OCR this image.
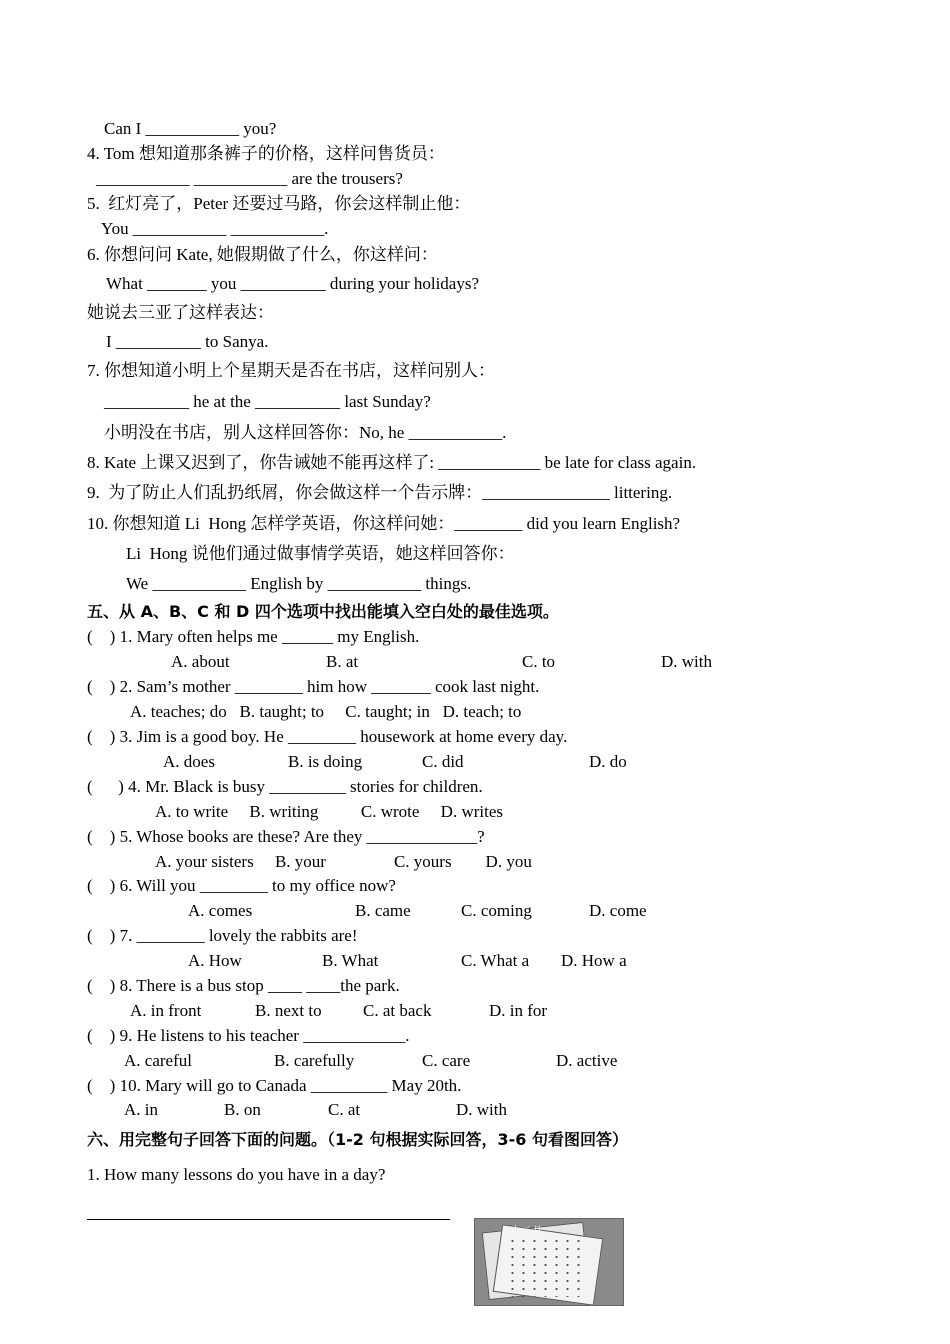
Can I ___________ you?
4. Tom 想知道那条裤子的价格，这样问售货员：
___________ ___________ are the trousers?
5.  红灯亮了，Peter 还要过马路，你会这样制止他：
You ___________ ___________.
6. 你想问问 Kate, 她假期做了什么，你这样问：
What _______ you __________ during your holidays?
她说去三亚了这样表达：
I __________ to Sanya.
7. 你想知道小明上个星期天是否在书店，这样问别人：
__________ he at the __________ last Sunday?
小明没在书店，别人这样回答你：No, he ___________.
8. Kate 上课又迟到了，你告诫她不能再这样了: ____________ be late for class again.
9.  为了防止人们乱扔纸屑，你会做这样一个告示牌：_______________ littering.
10. 你想知道 Li  Hong 怎样学英语，你这样问她：________ did you learn English?
Li  Hong 说他们通过做事情学英语，她这样回答你：
We ___________ English by ___________ things.
五、从 A、B、C 和 D 四个选项中找出能填入空白处的最佳选项。
(    ) 1. Mary often helps me ______ my English.
A. about	B. at	C. to	D. with
(    ) 2. Sam’s mother ________ him how _______ cook last night.
A. teaches; do   B. taught; to     C. taught; in   D. teach; to
(    ) 3. Jim is a good boy. He ________ housework at home every day.
A. does	B. is doing	C. did	D. do
(      ) 4. Mr. Black is busy _________ stories for children.
A. to write     B. writing          C. wrote     D. writes
(    ) 5. Whose books are these? Are they _____________?
A. your sisters     B. your                C. yours        D. you
(    ) 6. Will you ________ to my office now?
A. comes	B. came	C. coming	D. come
(    ) 7. ________ lovely the rabbits are!
A. How	B. What	C. What a D. How a
(    ) 8. There is a bus stop ____ ____the park.
A. in front	B. next to C. at back	D. in for
(    ) 9. He listens to his teacher ____________.
A. careful	B. carefully	C. care	D. active
(    ) 10. Mary will go to Canada _________ May 20th.
A. in	B. on	C. at	D. with
六、用完整句子回答下面的问题。（1-2 句根据实际回答，3-6 句看图回答）
1. How many lessons do you have in a day?
十二月
